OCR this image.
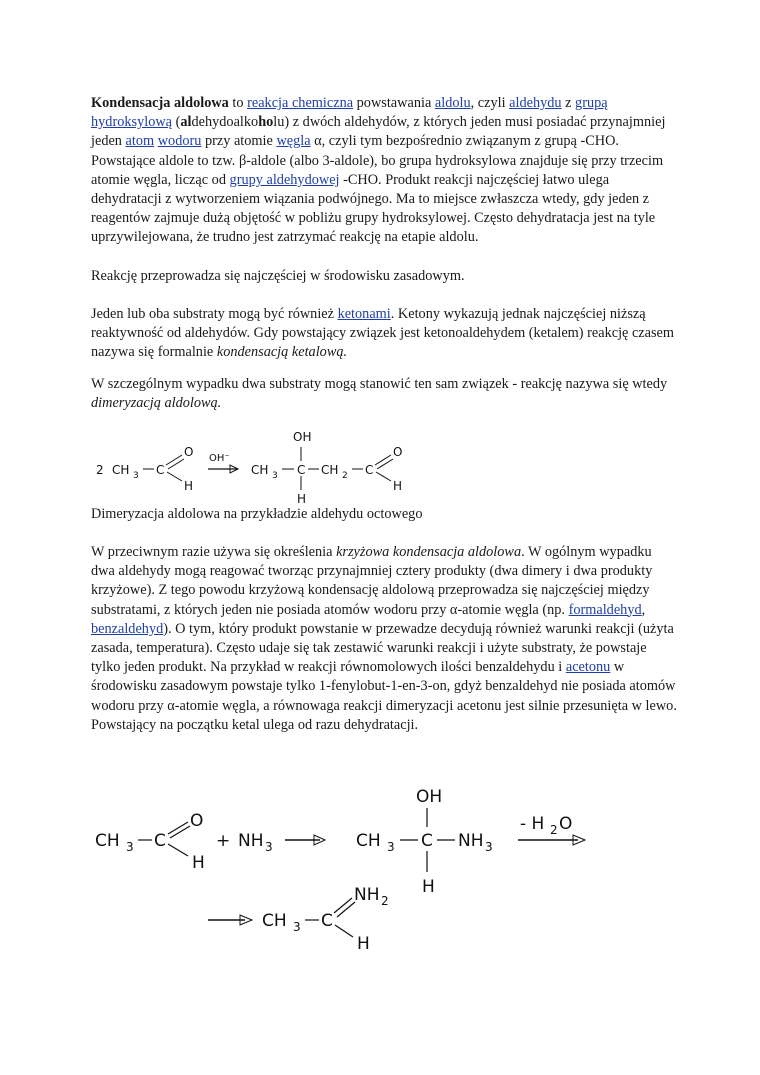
Kondensacja aldolowa to reakcja chemiczna powstawania aldolu, czyli aldehydu z grupą hydroksylową (aldehydoalkoholu) z dwóch aldehydów, z których jeden musi posiadać przynajmniej jeden atom wodoru przy atomie węgla α, czyli tym bezpośrednio związanym z grupą -CHO. Powstające aldole to tzw. β-aldole (albo 3-aldole), bo grupa hydroksylowa znajduje się przy trzecim atomie węgla, licząc od grupy aldehydowej -CHO. Produkt reakcji najczęściej łatwo ulega dehydratacji z wytworzeniem wiązania podwójnego. Ma to miejsce zwłaszcza wtedy, gdy jeden z reagentów zajmuje dużą objętość w pobliżu grupy hydroksylowej. Często dehydratacja jest na tyle uprzywilejowana, że trudno jest zatrzymać reakcję na etapie aldolu.

Reakcję przeprowadza się najczęściej w środowisku zasadowym.

Jeden lub oba substraty mogą być również ketonami. Ketony wykazują jednak najczęściej niższą reaktywność od aldehydów. Gdy powstający związek jest ketonoaldehydem (ketalem) reakcję czasem nazywa się formalnie kondensacją ketalową.

W szczególnym wypadku dwa substraty mogą stanowić ten sam związek - reakcję nazywa się wtedy dimeryzacją aldolową.

2 CH 3 C
O
H
OH⁻
CH 3 C
OH
H
CH 2 C
O
H
Dimeryzacja aldolowa na przykładzie aldehydu octowego

W przeciwnym razie używa się określenia krzyżowa kondensacja aldolowa. W ogólnym wypadku dwa aldehydy mogą reagować tworząc przynajmniej cztery produkty (dwa dimery i dwa produkty krzyżowe). Z tego powodu krzyżową kondensację aldolową przeprowadza się najczęściej między substratami, z których jeden nie posiada atomów wodoru przy α-atomie węgla (np. formaldehyd, benzaldehyd). O tym, który produkt powstanie w przewadze decydują również warunki reakcji (użyta zasada, temperatura). Często udaje się tak zestawić warunki reakcji i użyte substraty, że powstaje tylko jeden produkt. Na przykład w reakcji równomolowych ilości benzaldehydu i acetonu w środowisku zasadowym powstaje tylko 1-fenylobut-1-en-3-on, gdyż benzaldehyd nie posiada atomów wodoru przy α-atomie węgla, a równowaga reakcji dimeryzacji acetonu jest silnie przesunięta w lewo. Powstający na początku ketal ulega od razu dehydratacji.

CH 3 C
O
H
+ NH 3	CH 3 C
OH
H
NH 3
- H 2 O
CH 3 C
NH 2
H
